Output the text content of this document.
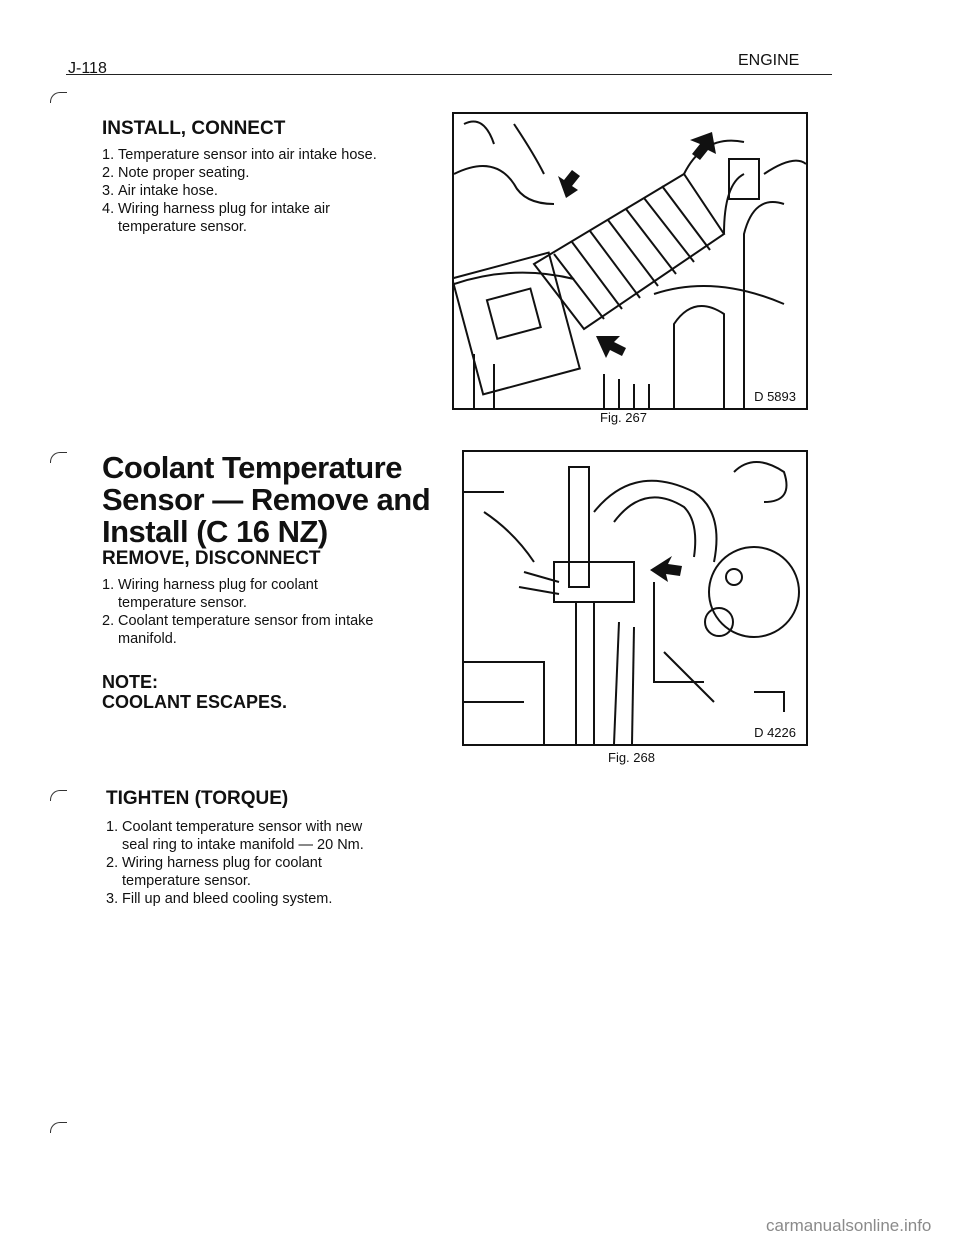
J-118	ENGINE
INSTALL, CONNECT
1. Temperature sensor into air intake hose.
2. Note proper seating.
3. Air intake hose.
4. Wiring harness plug for intake air
temperature sensor.
Coolant Temperature
Sensor — Remove and
Install (C 16 NZ)
REMOVE, DISCONNECT
1. Wiring harness plug for coolant
temperature sensor.
2. Coolant temperature sensor from intake
manifold.
NOTE:
COOLANT ESCAPES.
TIGHTEN (TORQUE)
1. Coolant temperature sensor with new
seal ring to intake manifold — 20 Nm.
2. Wiring harness plug for coolant
temperature sensor.
3. Fill up and bleed cooling system.
D 5893
Fig. 267
D 4226
Fig. 268
carmanualsonline.info
